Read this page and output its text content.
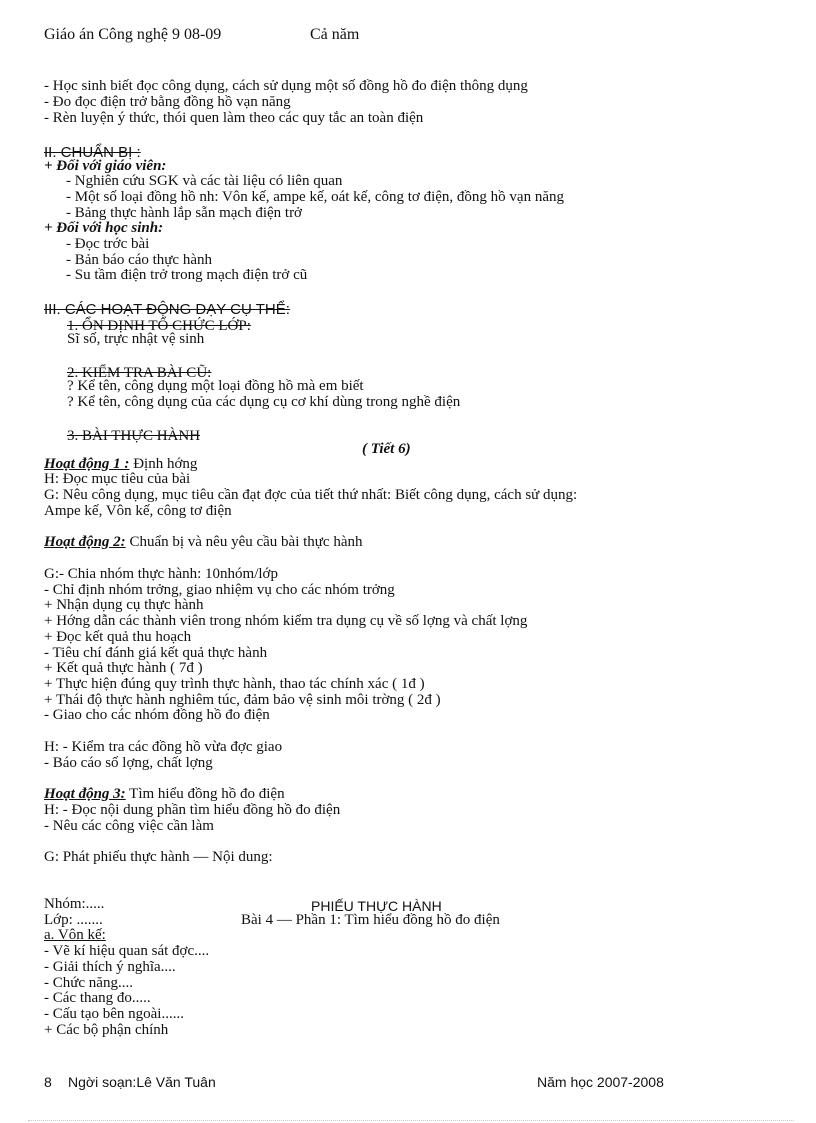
Giáo án Công nghệ 9 08-09	Cả năm
- Học sinh biết đọc công dụng, cách sử dụng một số đồng hồ đo điện thông dụng
- Đo đọc điện trở bằng đồng hồ vạn năng
- Rèn luyện ý thức, thói quen làm theo các quy tắc an toàn điện
II. CHUẨN BỊ :
+ Đối với giáo viên:
- Nghiên cứu SGK và các tài liệu có liên quan
- Một số loại đồng hồ nh: Vôn kế, ampe kế, oát kế, công tơ điện, đồng hồ vạn năng
- Bảng thực hành lắp sẵn mạch điện trở
+ Đối với học sinh:
- Đọc trớc bài
- Bản báo cáo thực hành
- Su tầm điện trở trong mạch điện trở cũ
III. CÁC HOẠT ĐỘNG DẠY CỤ THỂ:
1. ỔN ĐỊNH TỔ CHỨC LỚP:
Sĩ số, trực nhật vệ sinh
2. KIỂM TRA BÀI CŨ:
? Kể tên, công dụng một loại đồng hồ mà em biết
? Kể tên, công dụng của các dụng cụ cơ khí dùng trong nghề điện
3. BÀI THỰC HÀNH
( Tiết 6)
Hoạt động 1 : Định hớng
H: Đọc mục tiêu của bài
G: Nêu công dụng, mục tiêu cần đạt đợc của tiết thứ nhất: Biết công dụng, cách sử dụng:
Ampe kế, Vôn kế, công tơ điện
Hoạt động 2: Chuẩn bị và nêu yêu cầu bài thực hành
G:- Chia nhóm thực hành: 10nhóm/lớp
- Chỉ định nhóm trởng, giao nhiệm vụ cho các nhóm trởng
+ Nhận dụng cụ thực hành
+ Hớng dẫn các thành viên trong nhóm kiểm tra dụng cụ về số lợng và chất lợng
+ Đọc kết quả thu hoạch
- Tiêu chí đánh giá kết quả thực hành
+ Kết quả thực hành ( 7đ )
+ Thực hiện đúng quy trình thực hành, thao tác chính xác ( 1đ )
+ Thái độ thực hành nghiêm túc, đảm bảo vệ sinh môi trờng ( 2đ )
- Giao cho các nhóm đồng hồ đo điện
H: - Kiểm tra các đồng hồ vừa đợc giao
- Báo cáo số lợng, chất lợng
Hoạt động 3: Tìm hiểu đồng hồ đo điện
H: - Đọc nội dung phần tìm hiểu đồng hồ đo điện
- Nêu các công việc cần làm
G: Phát phiếu thực hành — Nội dung:
Nhóm:.....	PHIẾU THỰC HÀNH
Lớp: .......	Bài 4 — Phần 1: Tìm hiểu đồng hồ đo điện
a. Vôn kế:
- Vẽ kí hiệu quan sát đợc....
- Giải thích ý nghĩa....
- Chức năng....
- Các thang đo.....
- Cấu tạo bên ngoài......
+ Các bộ phận chính
8 Ngời soạn:Lê Văn Tuân	Năm học 2007-2008
